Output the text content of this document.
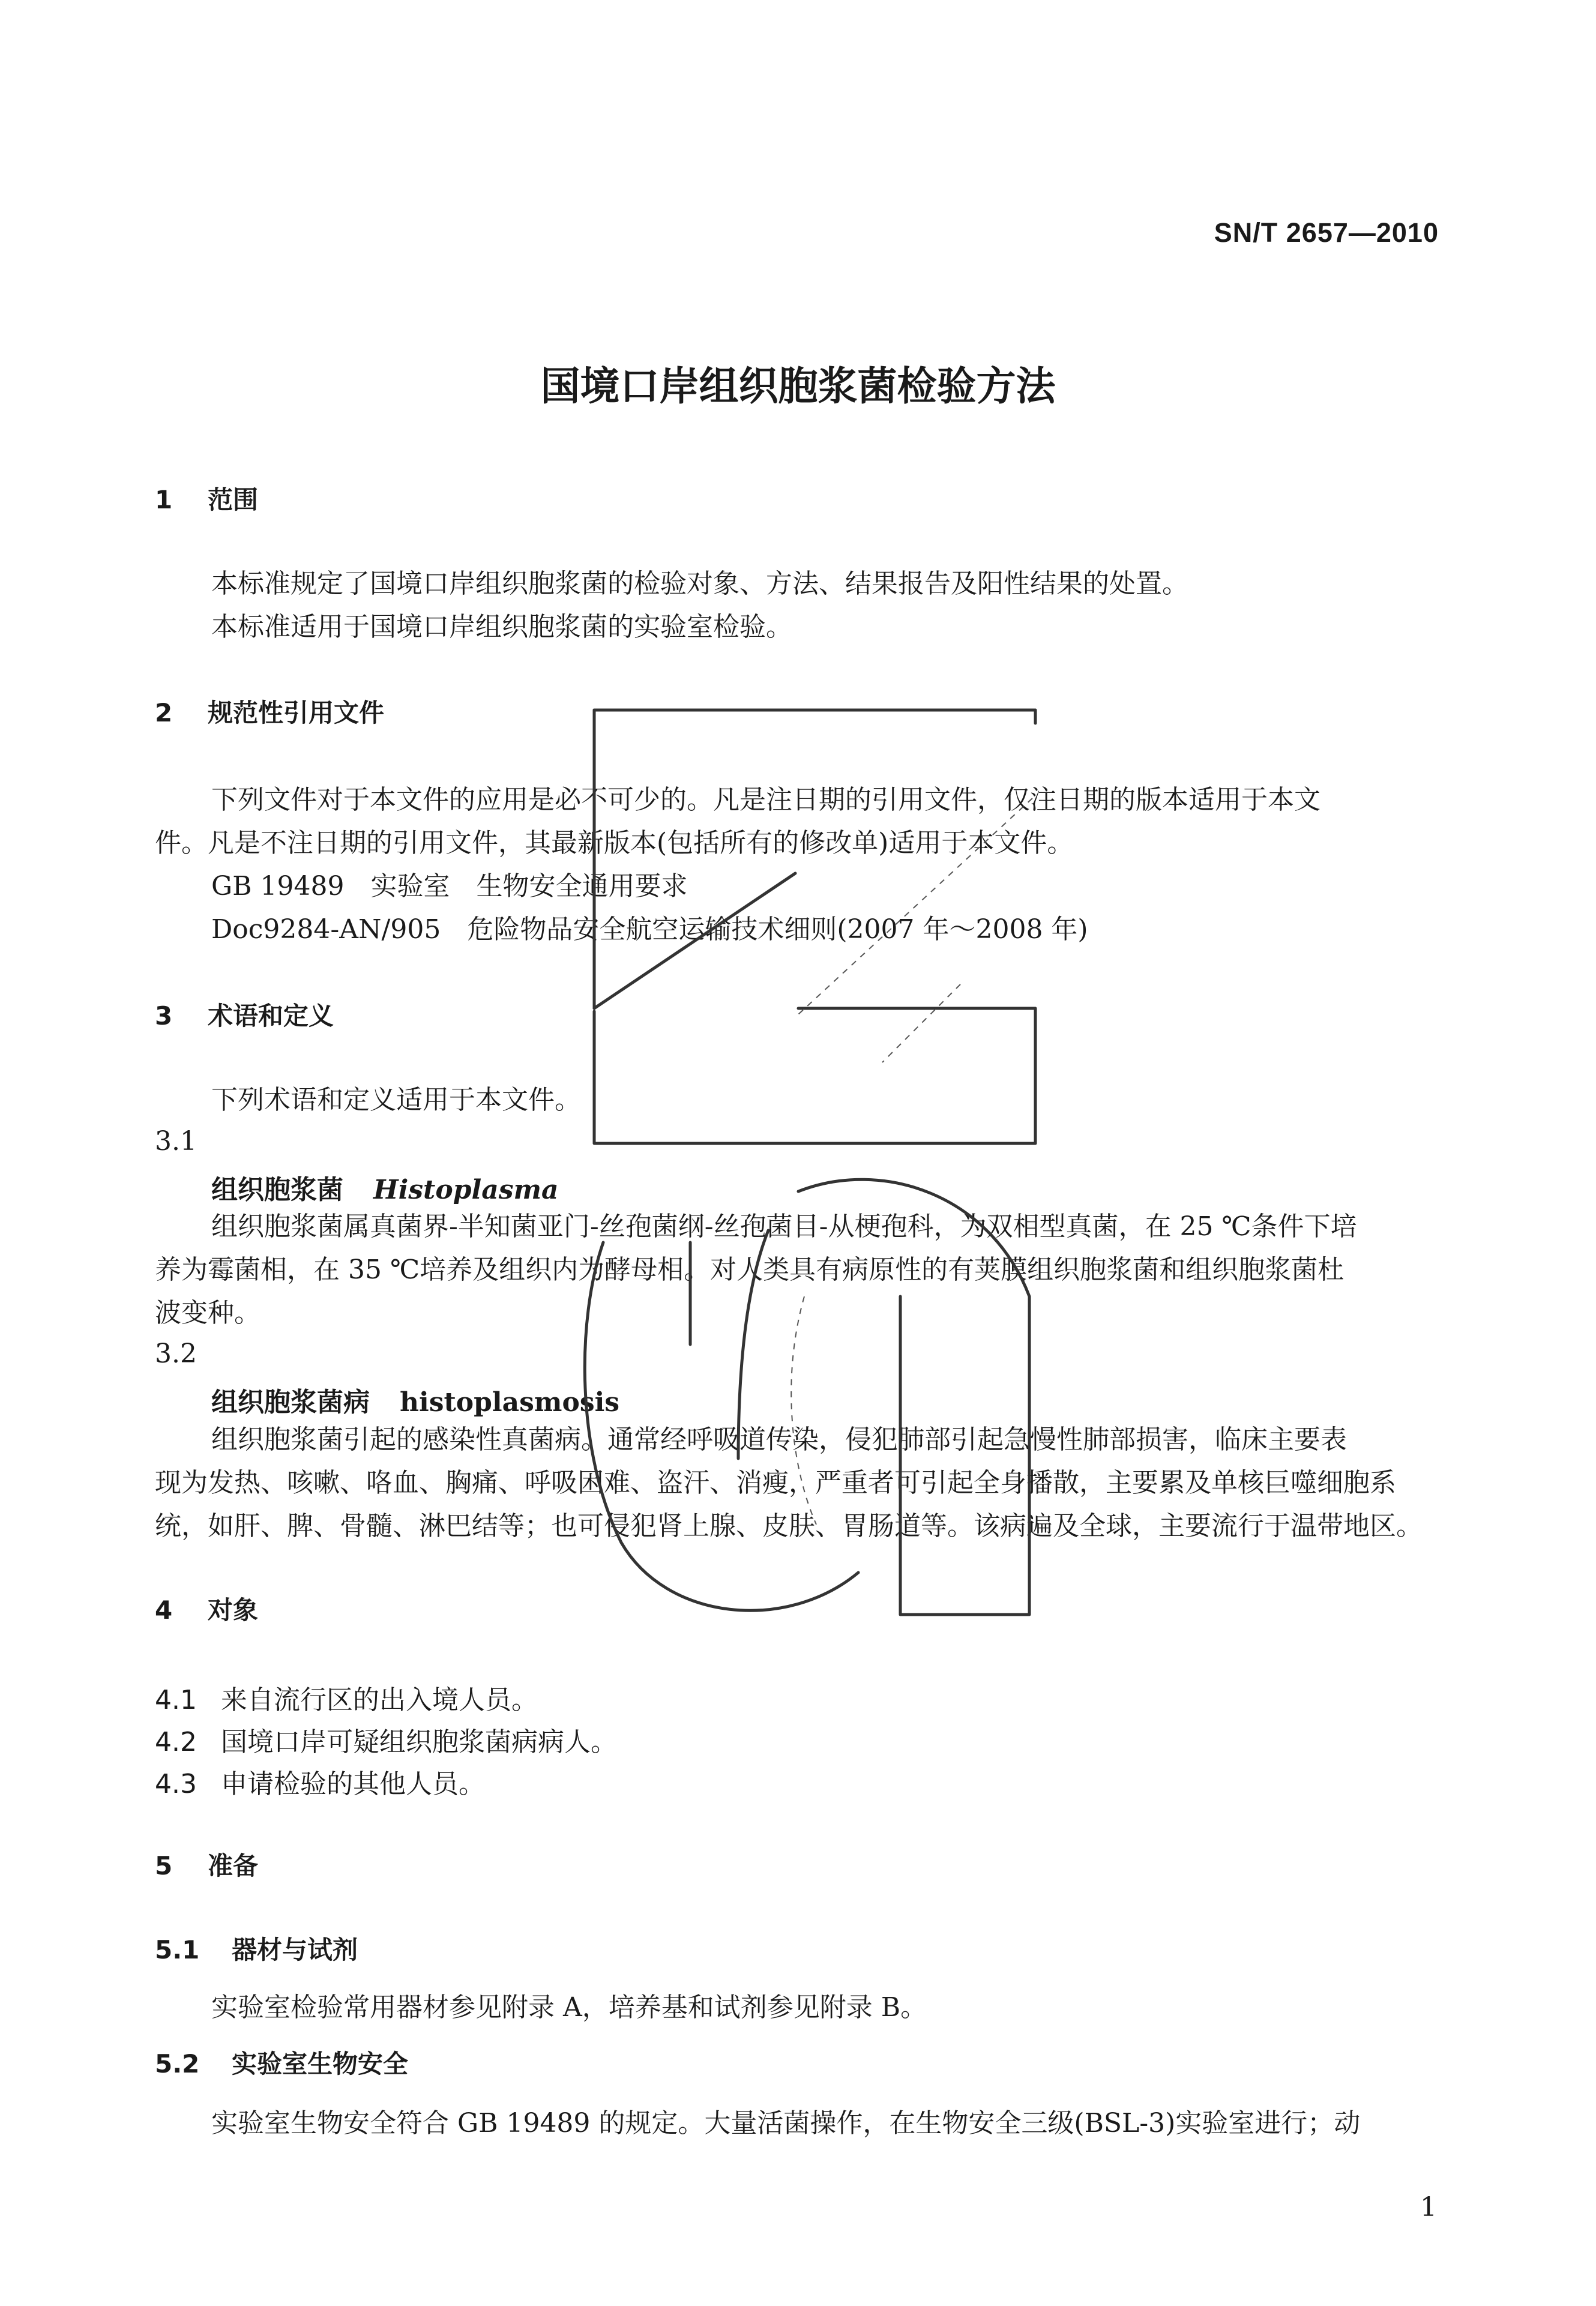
SN/T 2657—2010
国境口岸组织胞浆菌检验方法
1 范围
本标准规定了国境口岸组织胞浆菌的检验对象、方法、结果报告及阳性结果的处置。
本标准适用于国境口岸组织胞浆菌的实验室检验。
2 规范性引用文件
下列文件对于本文件的应用是必不可少的。凡是注日期的引用文件，仅注日期的版本适用于本文
件。凡是不注日期的引用文件，其最新版本(包括所有的修改单)适用于本文件。
GB 19489　实验室　生物安全通用要求
Doc9284-AN/905　危险物品安全航空运输技术细则(2007 年～2008 年)
3 术语和定义
下列术语和定义适用于本文件。
3.1
组织胞浆菌 Histoplasma
组织胞浆菌属真菌界-半知菌亚门-丝孢菌纲-丝孢菌目-从梗孢科，为双相型真菌，在 25 ℃条件下培
养为霉菌相，在 35 ℃培养及组织内为酵母相。对人类具有病原性的有荚膜组织胞浆菌和组织胞浆菌杜
波变种。
3.2
组织胞浆菌病 histoplasmosis
组织胞浆菌引起的感染性真菌病。通常经呼吸道传染，侵犯肺部引起急慢性肺部损害，临床主要表
现为发热、咳嗽、咯血、胸痛、呼吸困难、盗汗、消瘦，严重者可引起全身播散，主要累及单核巨噬细胞系
统，如肝、脾、骨髓、淋巴结等；也可侵犯肾上腺、皮肤、胃肠道等。该病遍及全球，主要流行于温带地区。
4 对象
4.1 来自流行区的出入境人员。
4.2 国境口岸可疑组织胞浆菌病病人。
4.3 申请检验的其他人员。
5 准备
5.1 器材与试剂
实验室检验常用器材参见附录 A，培养基和试剂参见附录 B。
5.2 实验室生物安全
实验室生物安全符合 GB 19489 的规定。大量活菌操作，在生物安全三级(BSL-3)实验室进行；动
1
